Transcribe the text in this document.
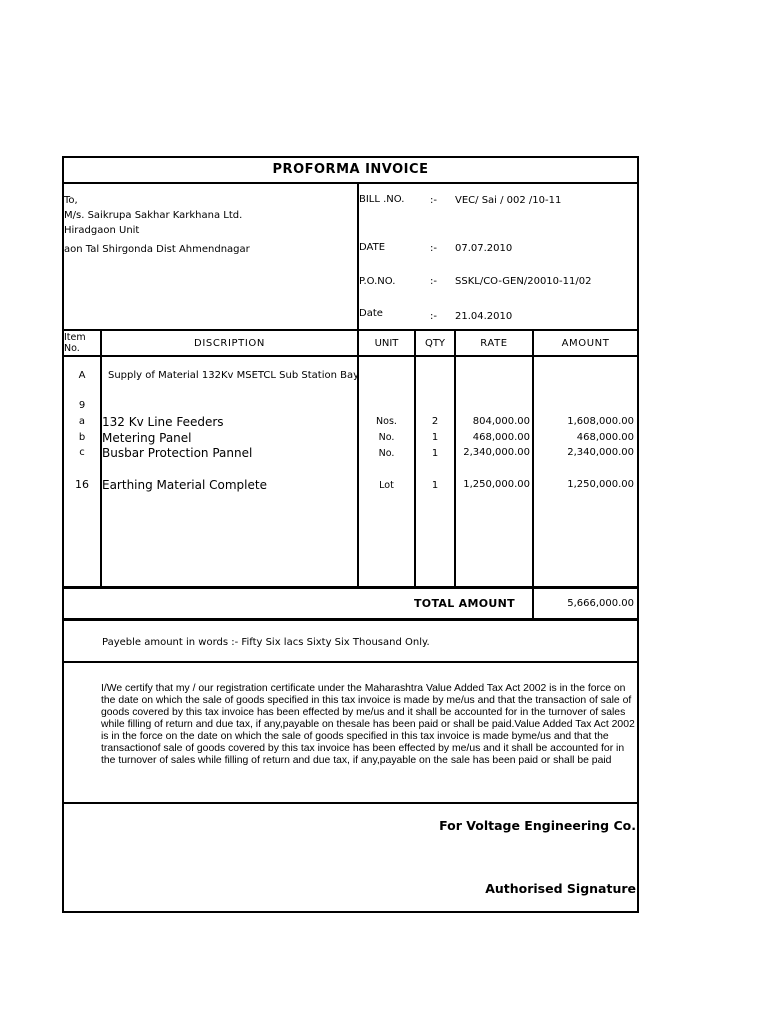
PROFORMA INVOICE
To,
M/s. Saikrupa Sakhar Karkhana Ltd.
Hiradgaon Unit
aon Tal Shirgonda Dist Ahmendnagar
BILL .NO.	:- VEC/ Sai / 002 /10-11
DATE	:- 07.07.2010
P.O.NO.	:- SSKL/CO-GEN/20010-11/02
Date	:- 21.04.2010
Item No.	DISCRIPTION	UNIT	QTY	RATE	AMOUNT
A	Supply of Material 132Kv MSETCL Sub Station Bay
9
a	132 Kv Line Feeders	Nos.	2	804,000.00	1,608,000.00
b	Metering Panel	No.	1	468,000.00	468,000.00
c	Busbar Protection Pannel	No.	1	2,340,000.00	2,340,000.00
16	Earthing Material Complete	Lot	1	1,250,000.00	1,250,000.00
TOTAL AMOUNT	5,666,000.00
Payeble amount in words :- Fifty Six lacs Sixty Six Thousand Only.
I/We certify that my / our registration certificate under the Maharashtra Value Added Tax Act 2002 is in the force on the date on which the sale of goods specified in this tax invoice is made by me/us and that the transaction of sale of goods covered by this tax invoice has been effected by me/us and it shall be accounted for in the turnover of sales while filling of return and due tax, if any,payable on thesale has been paid or shall be paid.Value Added Tax Act 2002 is in the force on the date on which the sale of goods specified in this tax invoice is made byme/us and that the transactionof sale of goods covered by this tax invoice has been effected by me/us and it shall be accounted for in the turnover of sales while filling of return and due tax, if any,payable on the sale has been paid or shall be paid
For Voltage Engineering Co.
Authorised Signature
